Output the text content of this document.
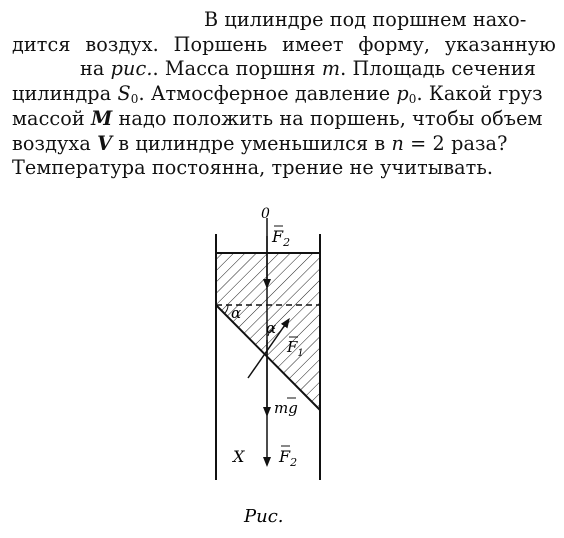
В цилиндре под поршнем нахо-
дится воздух. Поршень имеет форму, указанную
на рис.. Масса поршня m. Площадь сечения
цилиндра $S_0$. Атмосферное давление $p_0$. Какой груз
массой M надо положить на поршень, чтобы объем
воздуха V в цилиндре уменьшился в n = 2 раза?
Температура постоянна, трение не учитывать.
0
$F_2$
α
α
$F_1$
mg
X $F_2$
Рис.
